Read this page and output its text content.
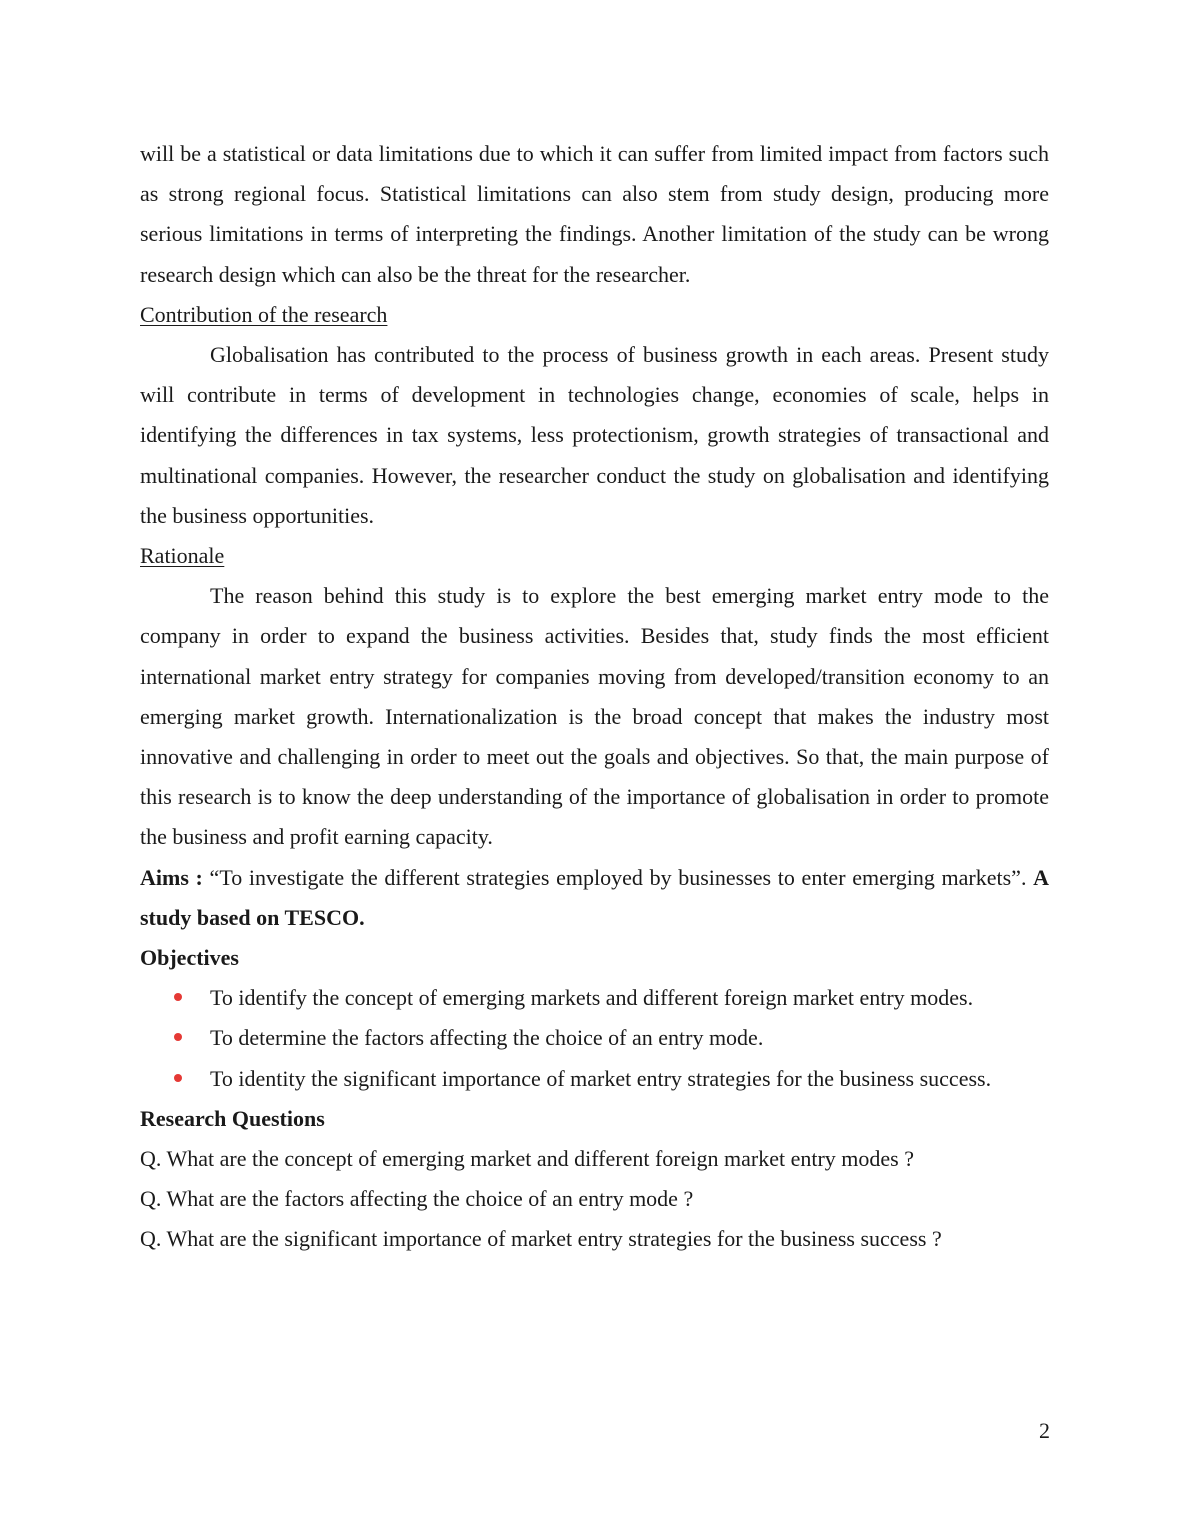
will be a statistical or data limitations due to which it can suffer from limited impact from factors such as strong regional focus. Statistical limitations can also stem from study design, producing more serious limitations in terms of interpreting the findings. Another limitation of the study can be wrong research design which can also be the threat for the researcher.

Contribution of the research

Globalisation has contributed to the process of business growth in each areas. Present study will contribute in terms of development in technologies change, economies of scale, helps in identifying the differences in tax systems, less protectionism, growth strategies of transactional and multinational companies. However, the researcher conduct the study on globalisation and identifying the business opportunities.

Rationale

The reason behind this study is to explore the best emerging market entry mode to the company in order to expand the business activities. Besides that, study finds the most efficient international market entry strategy for companies moving from developed/transition economy to an emerging market growth. Internationalization is the broad concept that makes the industry most innovative and challenging in order to meet out the goals and objectives. So that, the main purpose of this research is to know the deep understanding of the importance of globalisation in order to promote the business and profit earning capacity.

Aims : “To investigate the different strategies employed by businesses to enter emerging markets”. A study based on TESCO.

Objectives

To identify the concept of emerging markets and different foreign market entry modes.
To determine the factors affecting the choice of an entry mode.
To identity the significant importance of market entry strategies for the business success.

Research Questions

Q. What are the concept of emerging market and different foreign market entry modes ?

Q. What are the factors affecting the choice of an entry mode ?

Q. What are the significant importance of market entry strategies for the business success ?

2
